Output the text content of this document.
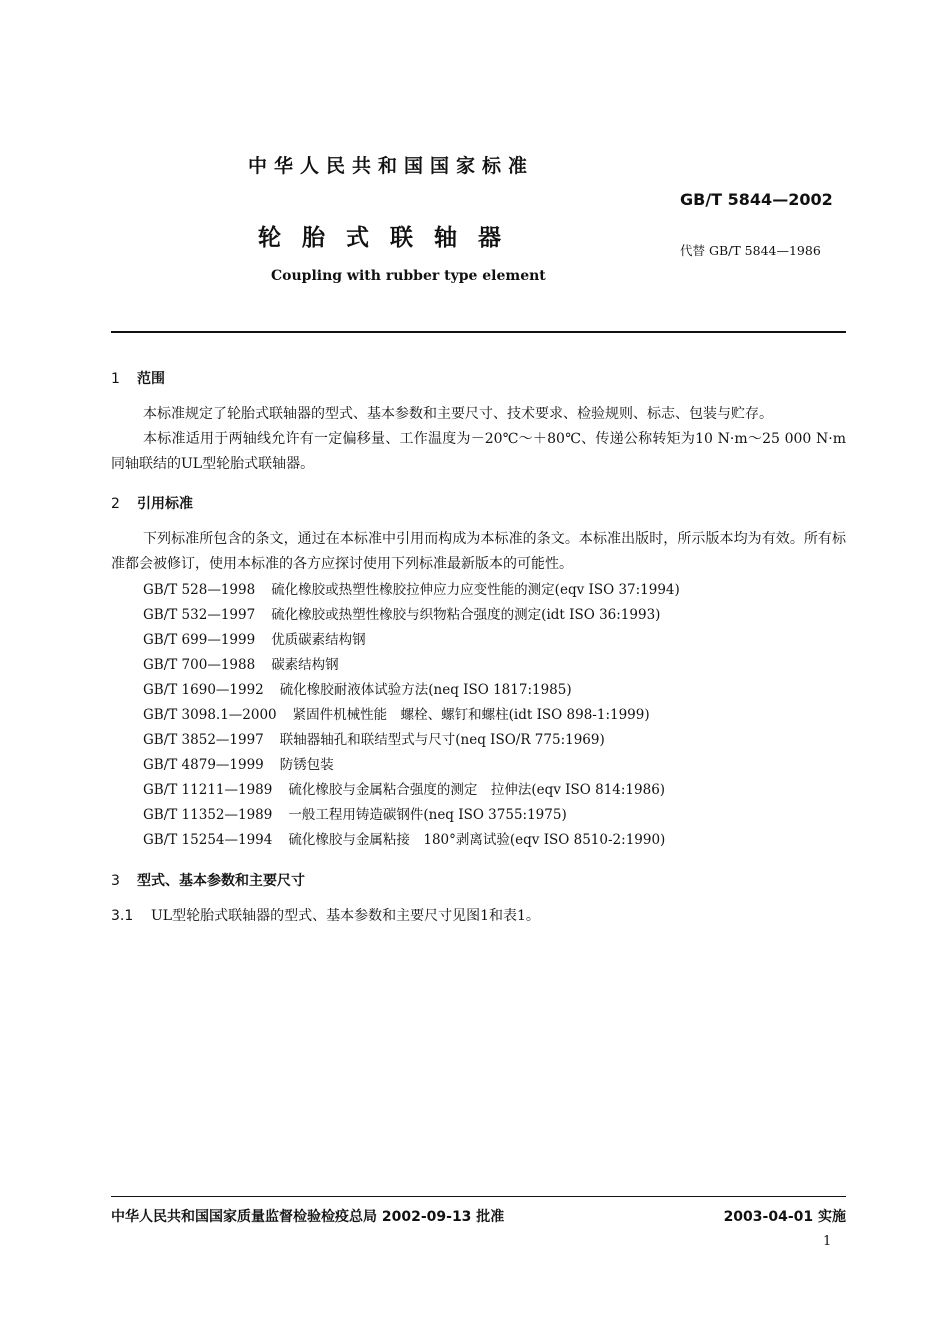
中华人民共和国国家标准
GB/T 5844—2002
轮胎式联轴器	代替 GB/T 5844—1986
Coupling with rubber type element
1 范围
本标准规定了轮胎式联轴器的型式、基本参数和主要尺寸、技术要求、检验规则、标志、包装与贮存。
本标准适用于两轴线允许有一定偏移量、工作温度为－20℃～＋80℃、传递公称转矩为10 N·m～25 000 N·m同轴联结的UL型轮胎式联轴器。
2 引用标准
下列标准所包含的条文，通过在本标准中引用而构成为本标准的条文。本标准出版时，所示版本均为有效。所有标准都会被修订，使用本标准的各方应探讨使用下列标准最新版本的可能性。
GB/T 528—1998 硫化橡胶或热塑性橡胶拉伸应力应变性能的测定(eqv ISO 37:1994)
GB/T 532—1997 硫化橡胶或热塑性橡胶与织物粘合强度的测定(idt ISO 36:1993)
GB/T 699—1999 优质碳素结构钢
GB/T 700—1988 碳素结构钢
GB/T 1690—1992 硫化橡胶耐液体试验方法(neq ISO 1817:1985)
GB/T 3098.1—2000 紧固件机械性能　螺栓、螺钉和螺柱(idt ISO 898-1:1999)
GB/T 3852—1997 联轴器轴孔和联结型式与尺寸(neq ISO/R 775:1969)
GB/T 4879—1999 防锈包装
GB/T 11211—1989 硫化橡胶与金属粘合强度的测定　拉伸法(eqv ISO 814:1986)
GB/T 11352—1989 一般工程用铸造碳钢件(neq ISO 3755:1975)
GB/T 15254—1994 硫化橡胶与金属粘接　180°剥离试验(eqv ISO 8510-2:1990)
3 型式、基本参数和主要尺寸
3.1 UL型轮胎式联轴器的型式、基本参数和主要尺寸见图1和表1。
中华人民共和国国家质量监督检验检疫总局 2002-09-13 批准	2003-04-01 实施
1
